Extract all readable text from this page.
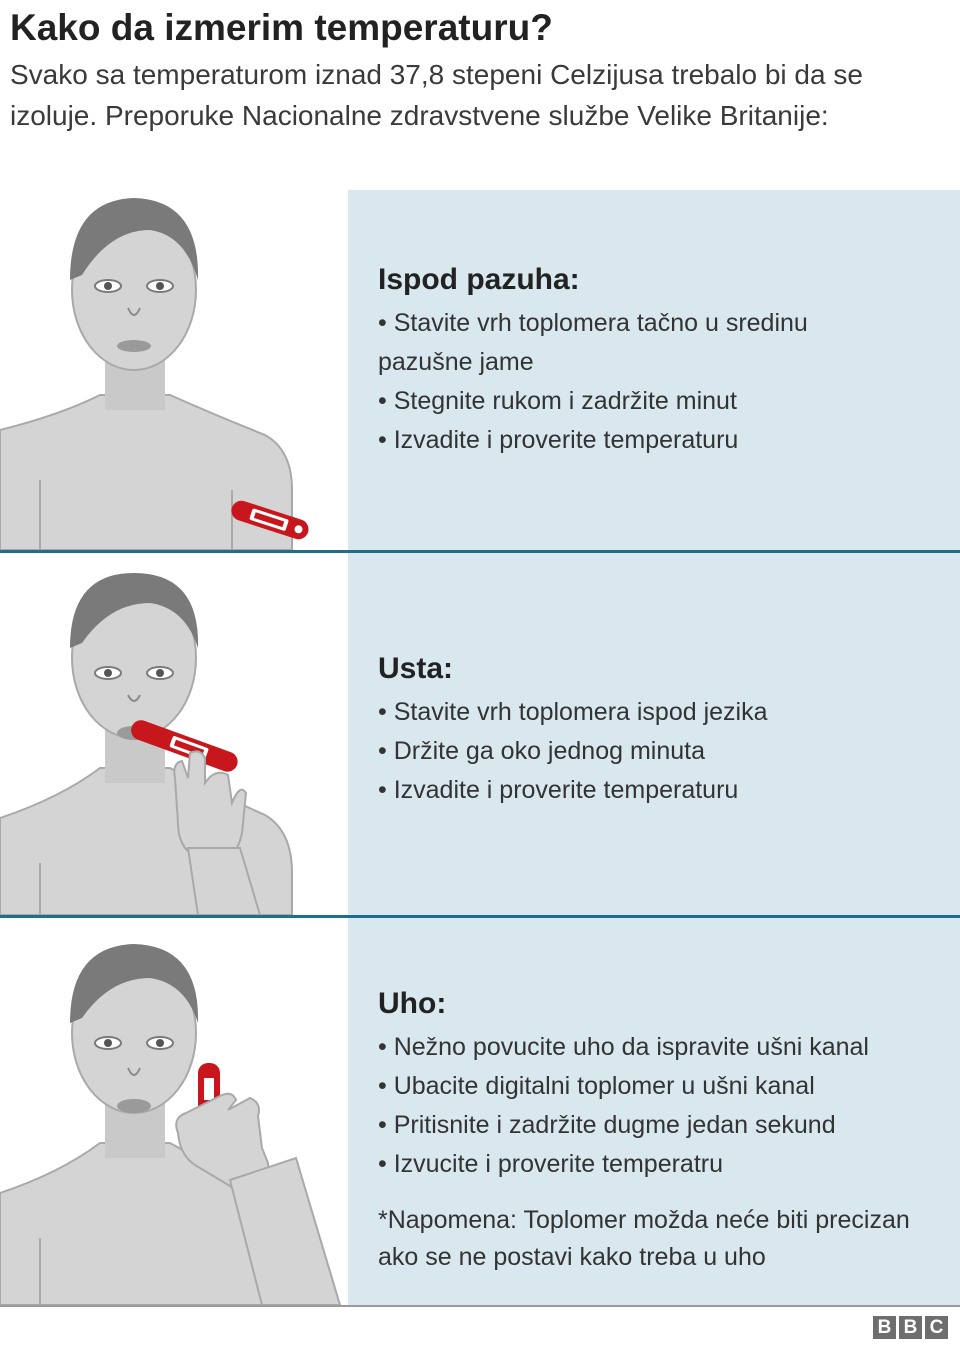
Kako da izmerim temperaturu?

Svako sa temperaturom iznad 37,8 stepeni Celzijusa trebalo bi da se izoluje. Preporuke Nacionalne zdravstvene službe Velike Britanije:

Ispod pazuha:

• Stavite vrh toplomera tačno u sredinu pazušne jame

• Stegnite rukom i zadržite minut

• Izvadite i proverite temperaturu

Usta:

• Stavite vrh toplomera ispod jezika

• Držite ga oko jednog minuta

• Izvadite i proverite temperaturu

Uho:

• Nežno povucite uho da ispravite ušni kanal

• Ubacite digitalni toplomer u ušni kanal

• Pritisnite i zadržite dugme jedan sekund

• Izvucite i proverite temperatru

*Napomena: Toplomer možda neće biti precizan ako se ne postavi kako treba u uho

B B C
